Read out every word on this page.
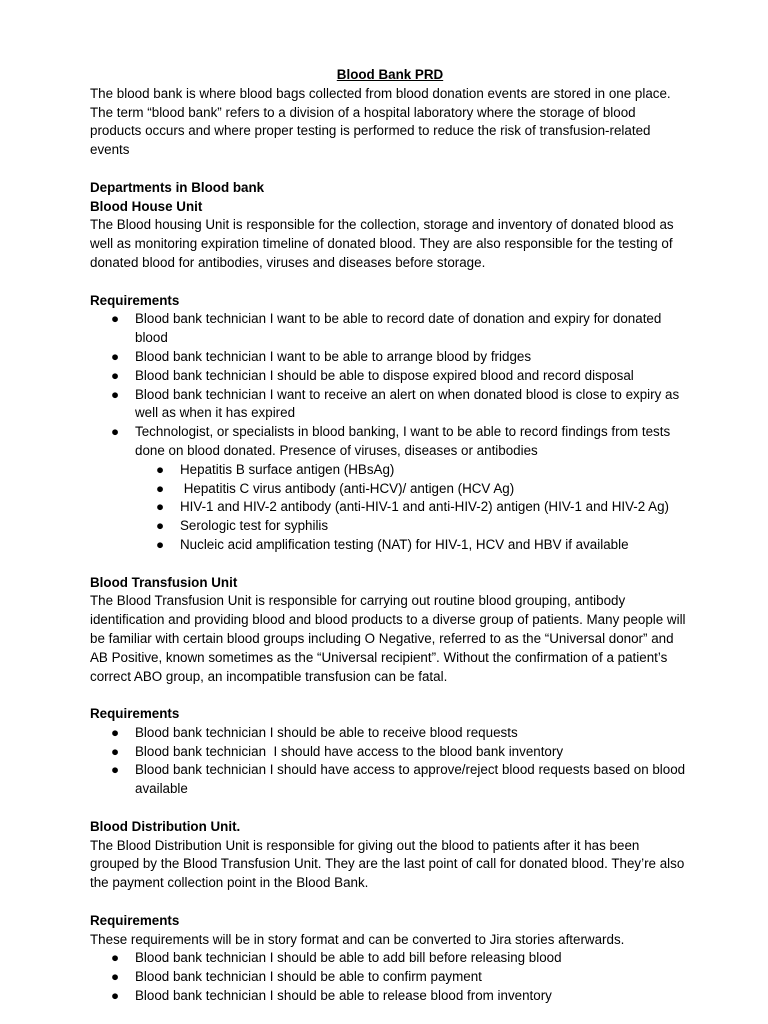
Blood Bank PRD

The blood bank is where blood bags collected from blood donation events are stored in one place. The term “blood bank” refers to a division of a hospital laboratory where the storage of blood products occurs and where proper testing is performed to reduce the risk of transfusion-related events

Departments in Blood bank

Blood House Unit

The Blood housing Unit is responsible for the collection, storage and inventory of donated blood as well as monitoring expiration timeline of donated blood. They are also responsible for the testing of donated blood for antibodies, viruses and diseases before storage.

Requirements

● Blood bank technician I want to be able to record date of donation and expiry for donated blood
● Blood bank technician I want to be able to arrange blood by fridges
● Blood bank technician I should be able to dispose expired blood and record disposal
● Blood bank technician I want to receive an alert on when donated blood is close to expiry as well as when it has expired
● Technologist, or specialists in blood banking, I want to be able to record findings from tests done on blood donated. Presence of viruses, diseases or antibodies
● Hepatitis B surface antigen (HBsAg)
● Hepatitis C virus antibody (anti-HCV)/ antigen (HCV Ag)
● HIV-1 and HIV-2 antibody (anti-HIV-1 and anti-HIV-2) antigen (HIV-1 and HIV-2 Ag)
● Serologic test for syphilis
● Nucleic acid amplification testing (NAT) for HIV-1, HCV and HBV if available

Blood Transfusion Unit

The Blood Transfusion Unit is responsible for carrying out routine blood grouping, antibody identification and providing blood and blood products to a diverse group of patients. Many people will be familiar with certain blood groups including O Negative, referred to as the “Universal donor” and AB Positive, known sometimes as the “Universal recipient”. Without the confirmation of a patient’s correct ABO group, an incompatible transfusion can be fatal.

Requirements

● Blood bank technician I should be able to receive blood requests
● Blood bank technician  I should have access to the blood bank inventory
● Blood bank technician I should have access to approve/reject blood requests based on blood available

Blood Distribution Unit.

The Blood Distribution Unit is responsible for giving out the blood to patients after it has been grouped by the Blood Transfusion Unit. They are the last point of call for donated blood. They’re also the payment collection point in the Blood Bank.

Requirements

These requirements will be in story format and can be converted to Jira stories afterwards.

● Blood bank technician I should be able to add bill before releasing blood
● Blood bank technician I should be able to confirm payment
● Blood bank technician I should be able to release blood from inventory
